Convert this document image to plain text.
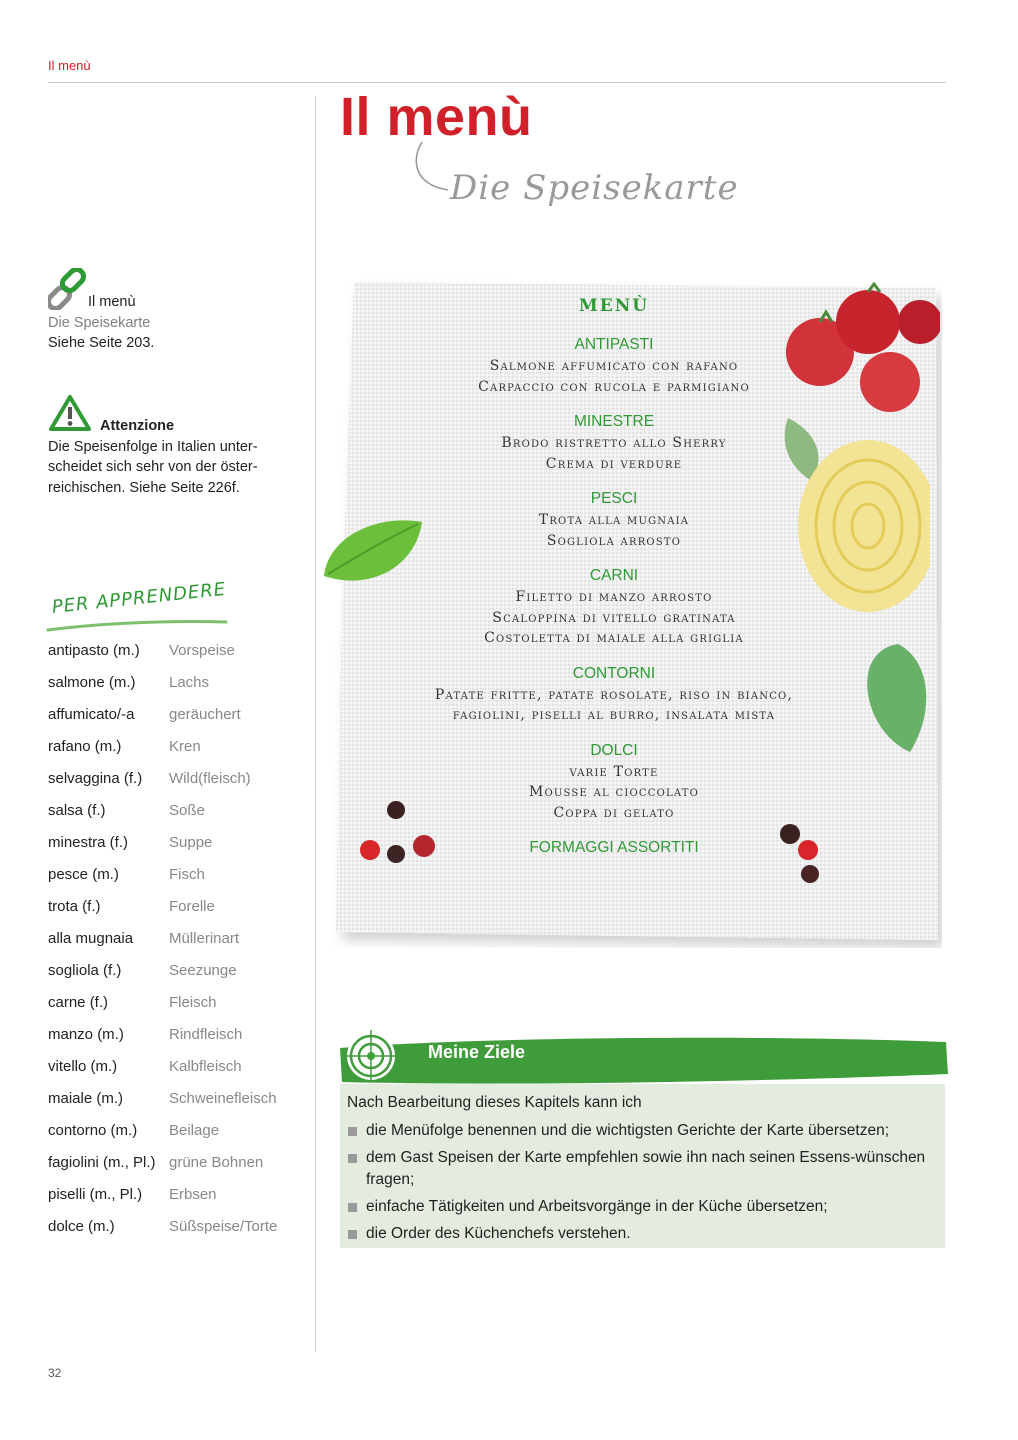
Il menù
Il menù
Die Speisekarte
Il menù
Die Speisekarte
Siehe Seite 203.
Attenzione
Die Speisenfolge in Italien unter-scheidet sich sehr von der öster-reichischen. Siehe Seite 226f.
PER APPRENDERE
antipasto (m.) Vorspeise
salmone (m.) Lachs
affumicato/-a geräuchert
rafano (m.)	Kren
selvaggina (f.) Wild(fleisch)
salsa (f.)	Soße
minestra (f.)	Suppe
pesce (m.)	Fisch
trota (f.)	Forelle
alla mugnaia Müllerinart
sogliola (f.)	Seezunge
carne (f.)	Fleisch
manzo (m.)	Rindfleisch
vitello (m.)	Kalbfleisch
maiale (m.)	Schweinefleisch
contorno (m.) Beilage
fagiolini (m., Pl.) grüne Bohnen
piselli (m., Pl.) Erbsen
dolce (m.)	Süßspeise/Torte
32
MENÙ
ANTIPASTI
Salmone affumicato con rafano
Carpaccio con rucola e parmigiano
MINESTRE
Brodo ristretto allo Sherry
Crema di verdure
PESCI
Trota alla mugnaia
Sogliola arrosto
CARNI
Filetto di manzo arrosto
Scaloppina di vitello gratinata
Costoletta di maiale alla griglia
CONTORNI
Patate fritte, patate rosolate, riso in bianco,
fagiolini, piselli al burro, insalata mista
DOLCI
varie Torte
Mousse al cioccolato
Coppa di gelato
FORMAGGI ASSORTITI
Meine Ziele
Nach Bearbeitung dieses Kapitels kann ich
die Menüfolge benennen und die wichtigsten Gerichte der Karte übersetzen;
dem Gast Speisen der Karte empfehlen sowie ihn nach seinen Essens-wünschen fragen;
einfache Tätigkeiten und Arbeitsvorgänge in der Küche übersetzen;
die Order des Küchenchefs verstehen.
